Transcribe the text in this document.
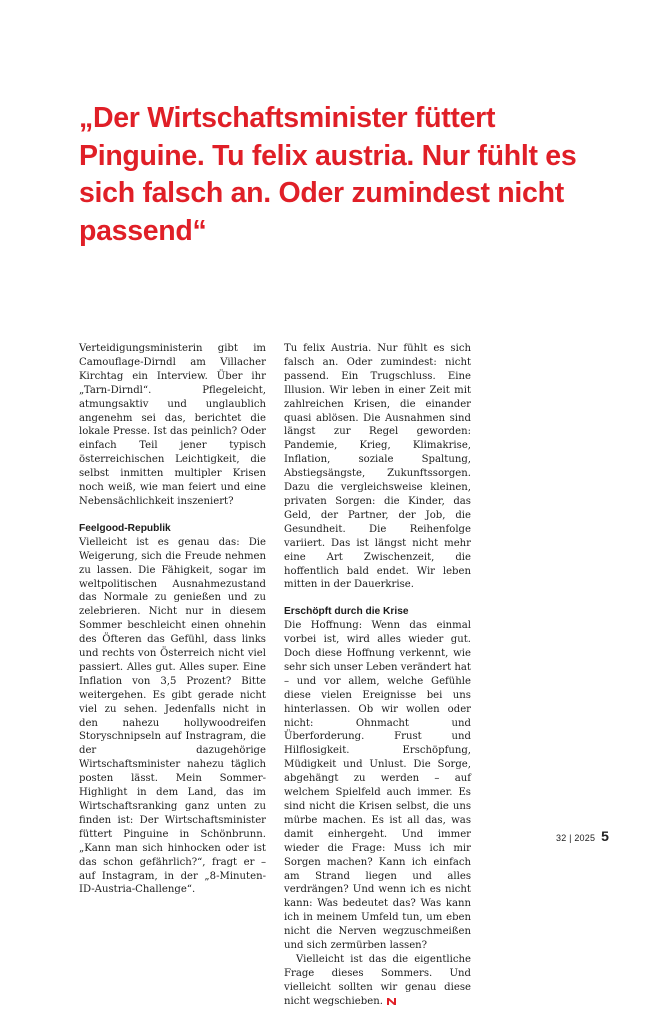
„Der Wirtschaftsminister füttert Pinguine. Tu felix austria. Nur fühlt es sich falsch an. Oder zumindest nicht passend“

Verteidigungsministerin gibt im Camouflage-Dirndl am Villacher Kirchtag ein Interview. Über ihr „Tarn-Dirndl“. Pflegeleicht, atmungsaktiv und unglaublich angenehm sei das, berichtet die lokale Presse. Ist das peinlich? Oder einfach Teil jener typisch österreichischen Leichtigkeit, die selbst inmitten multipler Krisen noch weiß, wie man feiert und eine Nebensächlichkeit inszeniert?

Feelgood-Republik

Vielleicht ist es genau das: Die Weigerung, sich die Freude nehmen zu lassen. Die Fähigkeit, sogar im weltpolitischen Ausnahmezustand das Normale zu genießen und zu zelebrieren. Nicht nur in diesem Sommer beschleicht einen ohnehin des Öfteren das Gefühl, dass links und rechts von Österreich nicht viel passiert. Alles gut. Alles super. Eine Inflation von 3,5 Prozent? Bitte weitergehen. Es gibt gerade nicht viel zu sehen. Jedenfalls nicht in den nahezu hollywoodreifen Storyschnipseln auf Instragram, die der dazugehörige Wirtschaftsminister nahezu täglich posten lässt. Mein Sommer-Highlight in dem Land, das im Wirtschaftsranking ganz unten zu finden ist: Der Wirtschaftsminister füttert Pinguine in Schönbrunn. „Kann man sich hinhocken oder ist das schon gefährlich?“, fragt er – auf Instagram, in der „8-Minuten-ID-Austria-Challenge“.

Tu felix Austria. Nur fühlt es sich falsch an. Oder zumindest: nicht passend. Ein Trugschluss. Eine Illusion. Wir leben in einer Zeit mit zahlreichen Krisen, die einander quasi ablösen. Die Ausnahmen sind längst zur Regel geworden: Pandemie, Krieg, Klimakrise, Inflation, soziale Spaltung, Abstiegsängste, Zukunftssorgen. Dazu die vergleichsweise kleinen, privaten Sorgen: die Kinder, das Geld, der Partner, der Job, die Gesundheit. Die Reihenfolge variiert. Das ist längst nicht mehr eine Art Zwischenzeit, die hoffentlich bald endet. Wir leben mitten in der Dauerkrise.

Erschöpft durch die Krise

Die Hoffnung: Wenn das einmal vorbei ist, wird alles wieder gut. Doch diese Hoffnung verkennt, wie sehr sich unser Leben verändert hat – und vor allem, welche Gefühle diese vielen Ereignisse bei uns hinterlassen. Ob wir wollen oder nicht: Ohnmacht und Überforderung. Frust und Hilflosigkeit. Erschöpfung, Müdigkeit und Unlust. Die Sorge, abgehängt zu werden – auf welchem Spielfeld auch immer. Es sind nicht die Krisen selbst, die uns mürbe machen. Es ist all das, was damit einhergeht. Und immer wieder die Frage: Muss ich mir Sorgen machen? Kann ich einfach am Strand liegen und alles verdrängen? Und wenn ich es nicht kann: Was bedeutet das? Was kann ich in meinem Umfeld tun, um eben nicht die Nerven wegzuschmeißen und sich zermürben lassen?

Vielleicht ist das die eigentliche Frage dieses Sommers. Und vielleicht sollten wir genau diese nicht wegschieben.

32 | 2025 5
